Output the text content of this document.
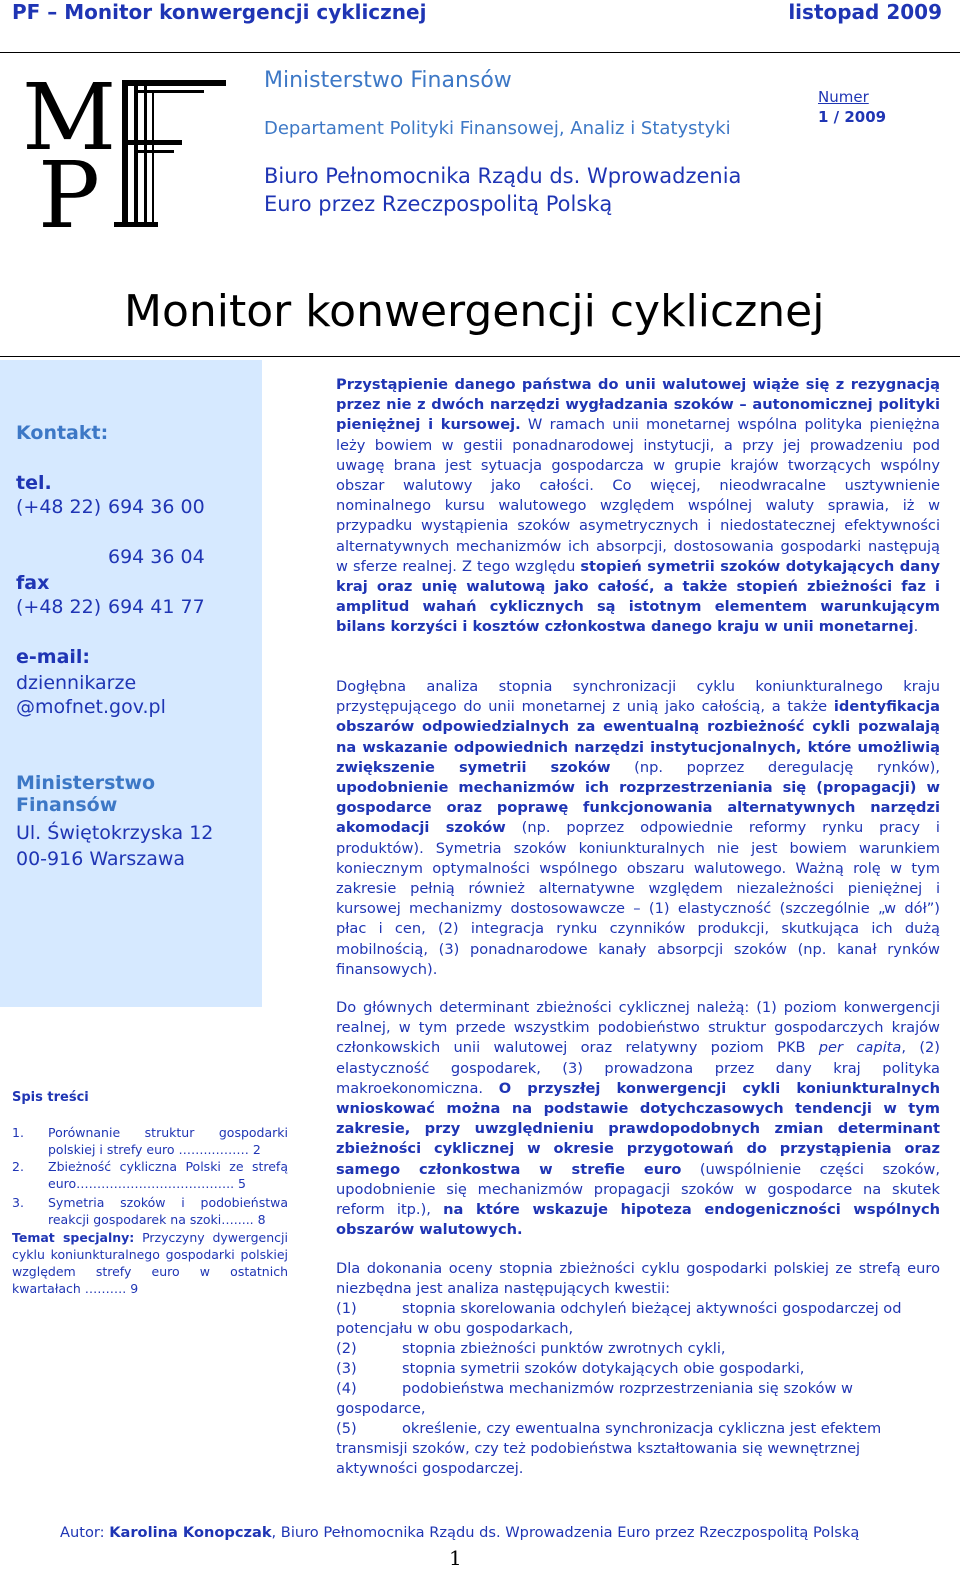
PF – Monitor konwergencji cyklicznej	listopad 2009
M
P
Ministerstwo Finansów
Departament Polityki Finansowej, Analiz i Statystyki
Biuro Pełnomocnika Rządu ds. Wprowadzenia
Euro przez Rzeczpospolitą Polską
Numer
1 / 2009
Monitor konwergencji cyklicznej
Kontakt:
tel.
(+48 22) 694 36 00
694 36 04
fax
(+48 22) 694 41 77
e-mail:
dziennikarze
@mofnet.gov.pl
Ministerstwo Finansów
Ul. Świętokrzyska 12
00-916 Warszawa
Spis treści
1. Porównanie struktur gospodarki polskiej i strefy euro ……..……… 2
2. Zbieżność cykliczna Polski ze strefą euro……………………………….. 5
3. Symetria szoków i podobieństwa reakcji gospodarek na szoki…..... 8
Temat specjalny: Przyczyny dywergencji cyklu koniunkturalnego gospodarki polskiej względem strefy euro w ostatnich kwartałach ………. 9
Przystąpienie danego państwa do unii walutowej wiąże się z rezygnacją przez nie z dwóch narzędzi wygładzania szoków – autonomicznej polityki pieniężnej i kursowej. W ramach unii monetarnej wspólna polityka pieniężna leży bowiem w gestii ponadnarodowej instytucji, a przy jej prowadzeniu pod uwagę brana jest sytuacja gospodarcza w grupie krajów tworzących wspólny obszar walutowy jako całości. Co więcej, nieodwracalne usztywnienie nominalnego kursu walutowego względem wspólnej waluty sprawia, iż w przypadku wystąpienia szoków asymetrycznych i niedostatecznej efektywności alternatywnych mechanizmów ich absorpcji, dostosowania gospodarki następują w sferze realnej. Z tego względu stopień symetrii szoków dotykających dany kraj oraz unię walutową jako całość, a także stopień zbieżności faz i amplitud wahań cyklicznych są istotnym elementem warunkującym bilans korzyści i kosztów członkostwa danego kraju w unii monetarnej.
Dogłębna analiza stopnia synchronizacji cyklu koniunkturalnego kraju przystępującego do unii monetarnej z unią jako całością, a także identyfikacja obszarów odpowiedzialnych za ewentualną rozbieżność cykli pozwalają na wskazanie odpowiednich narzędzi instytucjonalnych, które umożliwią zwiększenie symetrii szoków (np. poprzez deregulację rynków), upodobnienie mechanizmów ich rozprzestrzeniania się (propagacji) w gospodarce oraz poprawę funkcjonowania alternatywnych narzędzi akomodacji szoków (np. poprzez odpowiednie reformy rynku pracy i produktów). Symetria szoków koniunkturalnych nie jest bowiem warunkiem koniecznym optymalności wspólnego obszaru walutowego. Ważną rolę w tym zakresie pełnią również alternatywne względem niezależności pieniężnej i kursowej mechanizmy dostosowawcze – (1) elastyczność (szczególnie „w dół”) płac i cen, (2) integracja rynku czynników produkcji, skutkująca ich dużą mobilnością, (3) ponadnarodowe kanały absorpcji szoków (np. kanał rynków finansowych).
Do głównych determinant zbieżności cyklicznej należą: (1) poziom konwergencji realnej, w tym przede wszystkim podobieństwo struktur gospodarczych krajów członkowskich unii walutowej oraz relatywny poziom PKB per capita, (2) elastyczność gospodarek, (3) prowadzona przez dany kraj polityka makroekonomiczna. O przyszłej konwergencji cykli koniunkturalnych wnioskować można na podstawie dotychczasowych tendencji w tym zakresie, przy uwzględnieniu prawdopodobnych zmian determinant zbieżności cyklicznej w okresie przygotowań do przystąpienia oraz samego członkostwa w strefie euro (uwspólnienie części szoków, upodobnienie się mechanizmów propagacji szoków w gospodarce na skutek reform itp.), na które wskazuje hipoteza endogeniczności wspólnych obszarów walutowych.
Dla dokonania oceny stopnia zbieżności cyklu gospodarki polskiej ze strefą euro niezbędna jest analiza następujących kwestii:
(1)	stopnia skorelowania odchyleń bieżącej aktywności gospodarczej od potencjału w obu gospodarkach,
(2)	stopnia zbieżności punktów zwrotnych cykli,
(3)	stopnia symetrii szoków dotykających obie gospodarki,
(4)	podobieństwa mechanizmów rozprzestrzeniania się szoków w gospodarce,
(5)	określenie, czy ewentualna synchronizacja cykliczna jest efektem transmisji szoków, czy też podobieństwa kształtowania się wewnętrznej aktywności gospodarczej.
Autor: Karolina Konopczak, Biuro Pełnomocnika Rządu ds. Wprowadzenia Euro przez Rzeczpospolitą Polską
1
